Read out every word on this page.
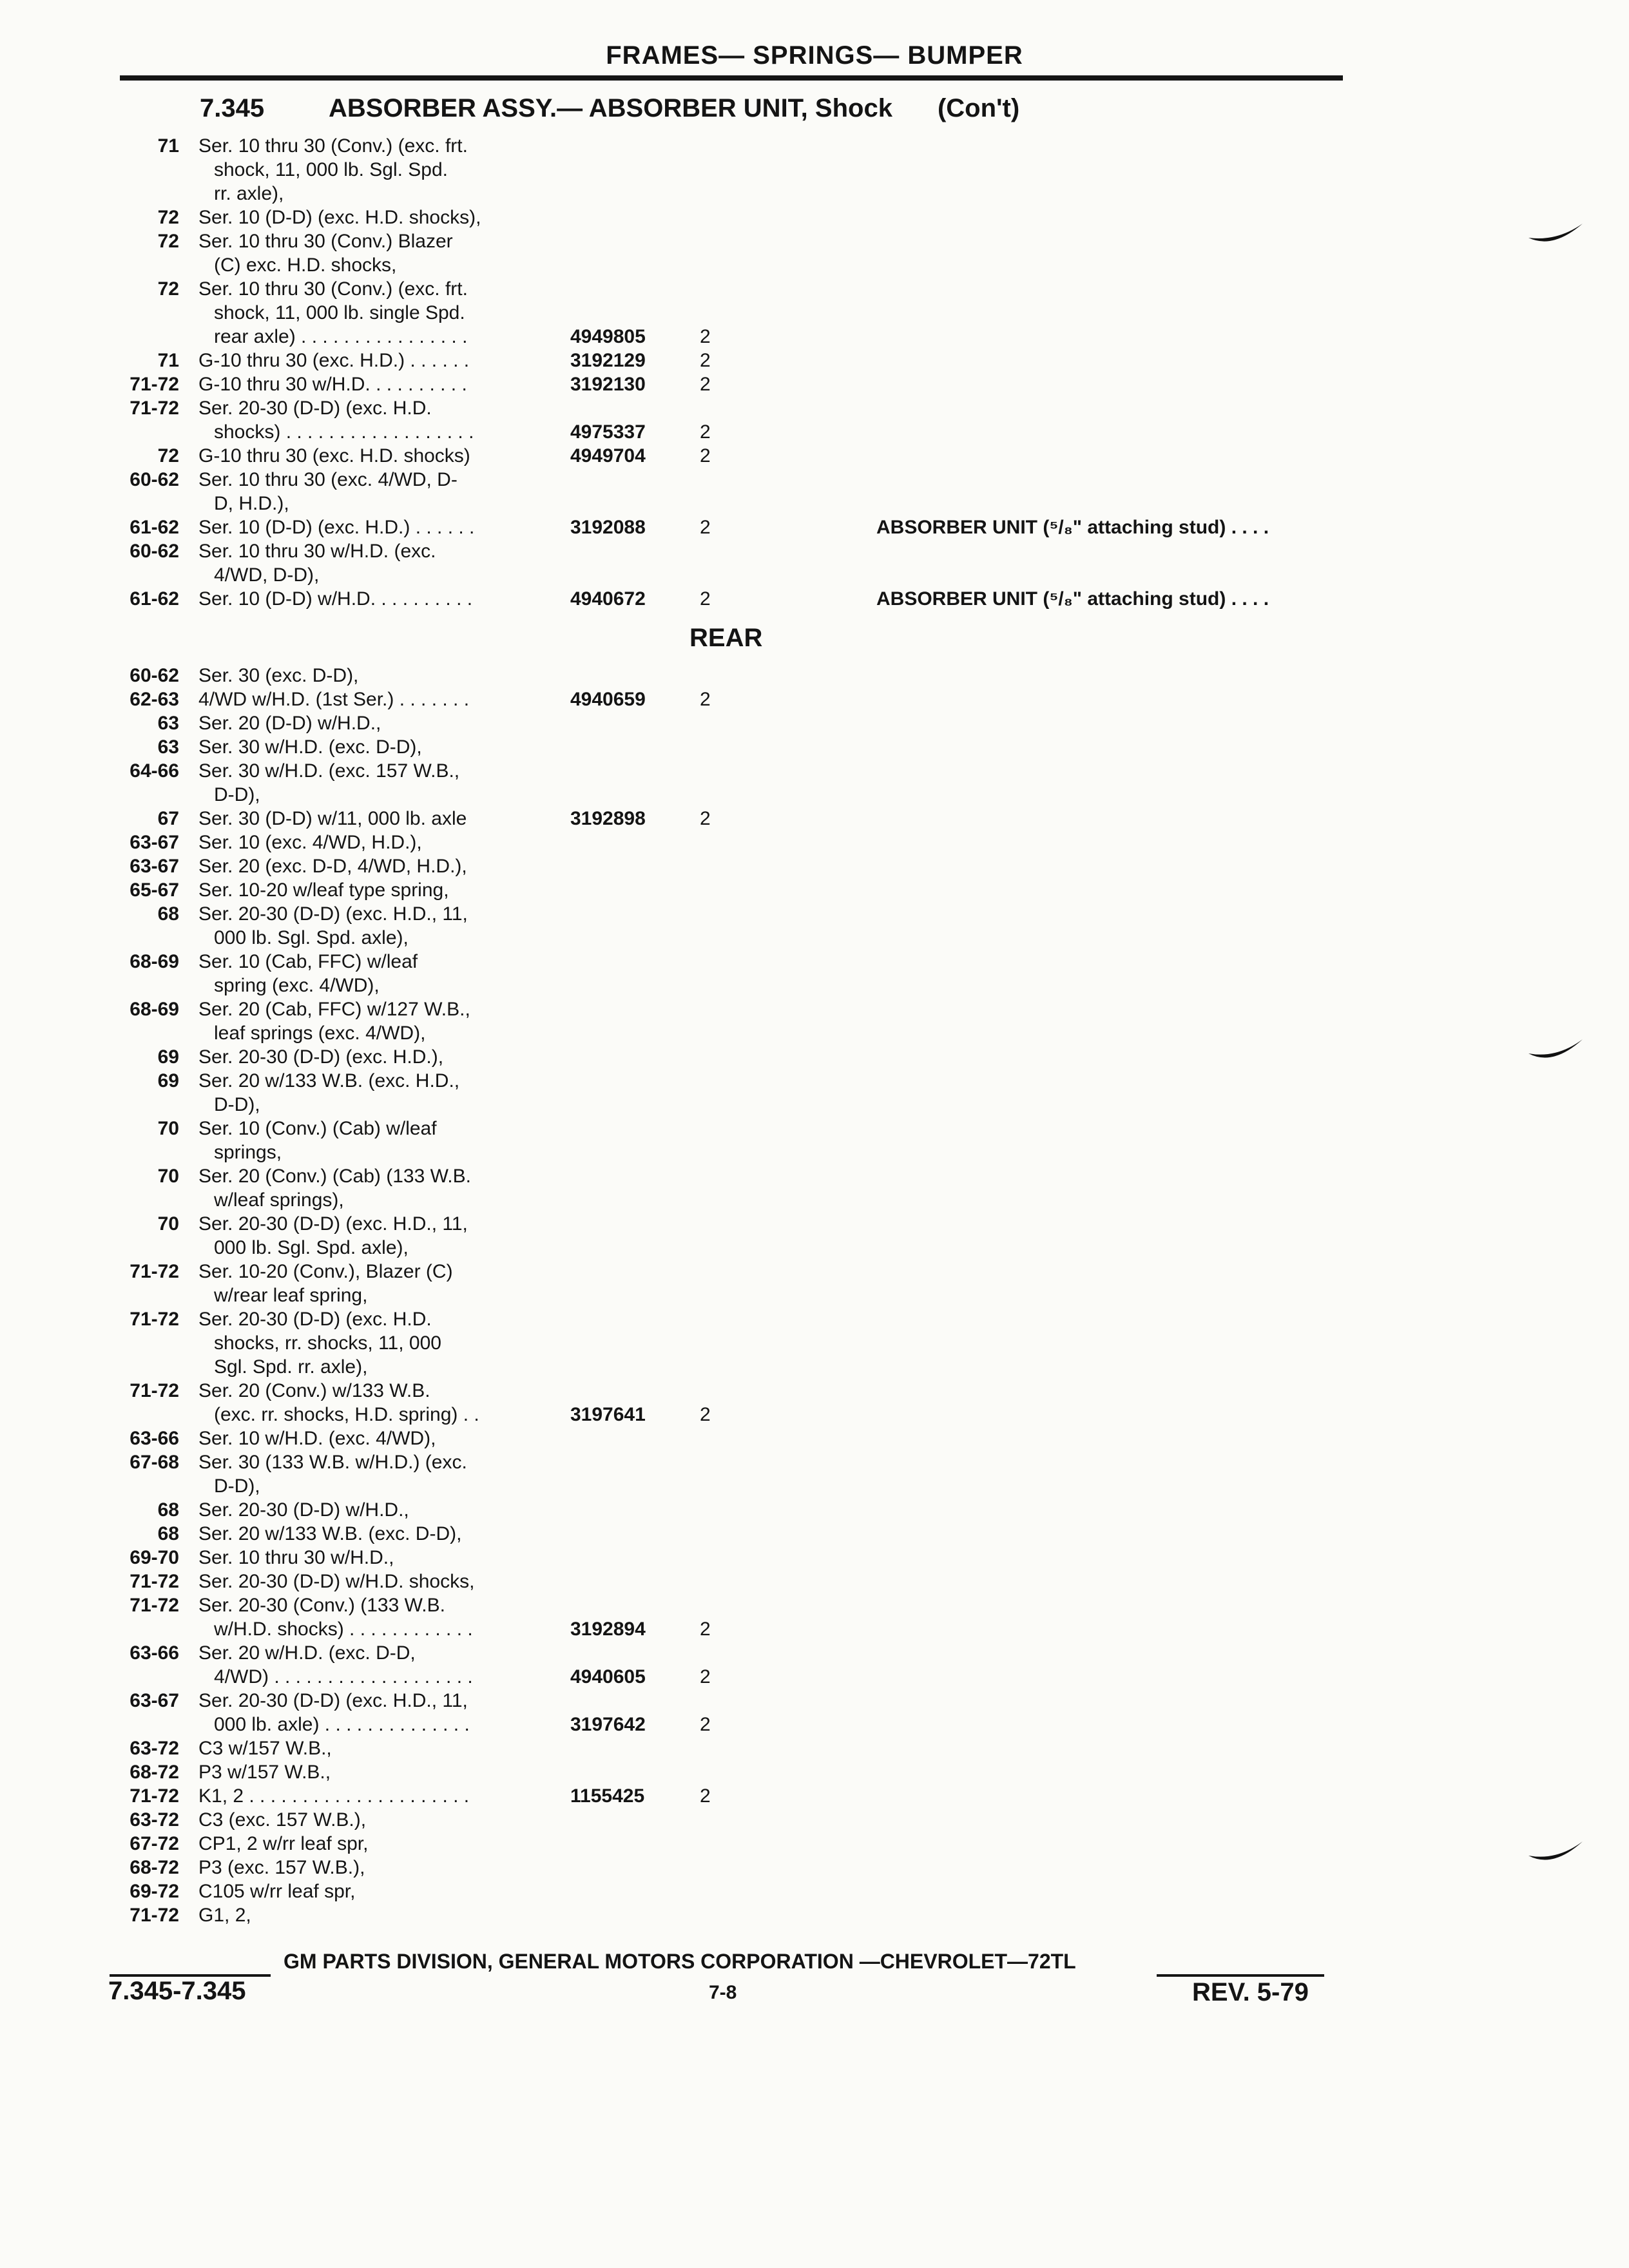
FRAMES— SPRINGS— BUMPER
7.345 ABSORBER ASSY.— ABSORBER UNIT, Shock (Con't)
REAR
71 Ser. 10 thru 30 (Conv.) (exc. frt.
shock, 11, 000 lb. Sgl. Spd.
rr. axle),
72 Ser. 10 (D-D) (exc. H.D. shocks),
72 Ser. 10 thru 30 (Conv.) Blazer
(C) exc. H.D. shocks,
72 Ser. 10 thru 30 (Conv.) (exc. frt.
shock, 11, 000 lb. single Spd.
rear axle) . . . . . . . . . . . . . . . .	4949805	2
71 G-10 thru 30 (exc. H.D.) . . . . . .	3192129	2
71-72 G-10 thru 30 w/H.D. . . . . . . . . .	3192130	2
71-72 Ser. 20-30 (D-D) (exc. H.D.
shocks) . . . . . . . . . . . . . . . . . .	4975337	2
72 G-10 thru 30 (exc. H.D. shocks)	4949704	2
60-62 Ser. 10 thru 30 (exc. 4/WD, D-
D, H.D.),
61-62 Ser. 10 (D-D) (exc. H.D.) . . . . . .	3192088	2	ABSORBER UNIT (⁵/₈" attaching stud) . . . .
60-62 Ser. 10 thru 30 w/H.D. (exc.
4/WD, D-D),
61-62 Ser. 10 (D-D) w/H.D. . . . . . . . . .	4940672	2	ABSORBER UNIT (⁵/₈" attaching stud) . . . .
60-62 Ser. 30 (exc. D-D),
62-63 4/WD w/H.D. (1st Ser.) . . . . . . .	4940659	2
63 Ser. 20 (D-D) w/H.D.,
63 Ser. 30 w/H.D. (exc. D-D),
64-66 Ser. 30 w/H.D. (exc. 157 W.B.,
D-D),
67 Ser. 30 (D-D) w/11, 000 lb. axle	3192898	2
63-67 Ser. 10 (exc. 4/WD, H.D.),
63-67 Ser. 20 (exc. D-D, 4/WD, H.D.),
65-67 Ser. 10-20 w/leaf type spring,
68 Ser. 20-30 (D-D) (exc. H.D., 11,
000 lb. Sgl. Spd. axle),
68-69 Ser. 10 (Cab, FFC) w/leaf
spring (exc. 4/WD),
68-69 Ser. 20 (Cab, FFC) w/127 W.B.,
leaf springs (exc. 4/WD),
69 Ser. 20-30 (D-D) (exc. H.D.),
69 Ser. 20 w/133 W.B. (exc. H.D.,
D-D),
70 Ser. 10 (Conv.) (Cab) w/leaf
springs,
70 Ser. 20 (Conv.) (Cab) (133 W.B.
w/leaf springs),
70 Ser. 20-30 (D-D) (exc. H.D., 11,
000 lb. Sgl. Spd. axle),
71-72 Ser. 10-20 (Conv.), Blazer (C)
w/rear leaf spring,
71-72 Ser. 20-30 (D-D) (exc. H.D.
shocks, rr. shocks, 11, 000
Sgl. Spd. rr. axle),
71-72 Ser. 20 (Conv.) w/133 W.B.
(exc. rr. shocks, H.D. spring) . .	3197641	2
63-66 Ser. 10 w/H.D. (exc. 4/WD),
67-68 Ser. 30 (133 W.B. w/H.D.) (exc.
D-D),
68 Ser. 20-30 (D-D) w/H.D.,
68 Ser. 20 w/133 W.B. (exc. D-D),
69-70 Ser. 10 thru 30 w/H.D.,
71-72 Ser. 20-30 (D-D) w/H.D. shocks,
71-72 Ser. 20-30 (Conv.) (133 W.B.
w/H.D. shocks) . . . . . . . . . . . .	3192894	2
63-66 Ser. 20 w/H.D. (exc. D-D,
4/WD) . . . . . . . . . . . . . . . . . . .	4940605	2
63-67 Ser. 20-30 (D-D) (exc. H.D., 11,
000 lb. axle) . . . . . . . . . . . . . .	3197642	2
63-72 C3 w/157 W.B.,
68-72 P3 w/157 W.B.,
71-72 K1, 2 . . . . . . . . . . . . . . . . . . . . .	1155425	2
63-72 C3 (exc. 157 W.B.),
67-72 CP1, 2 w/rr leaf spr,
68-72 P3 (exc. 157 W.B.),
69-72 C105 w/rr leaf spr,
71-72 G1, 2,
GM PARTS DIVISION, GENERAL MOTORS CORPORATION —CHEVROLET—72TL
7.345-7.345	7-8	REV. 5-79
